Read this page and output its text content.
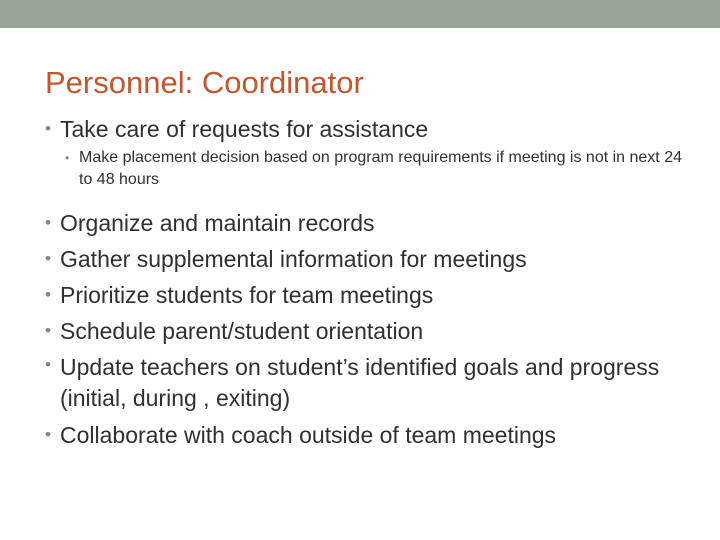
Personnel: Coordinator
• Take care of requests for assistance
• Make placement decision based on program requirements if meeting is not in next 24 to 48 hours
• Organize and maintain records
• Gather supplemental information for meetings
• Prioritize students for team meetings
• Schedule parent/student orientation
• Update teachers on student’s identified goals and progress (initial, during , exiting)
• Collaborate with coach outside of team meetings
